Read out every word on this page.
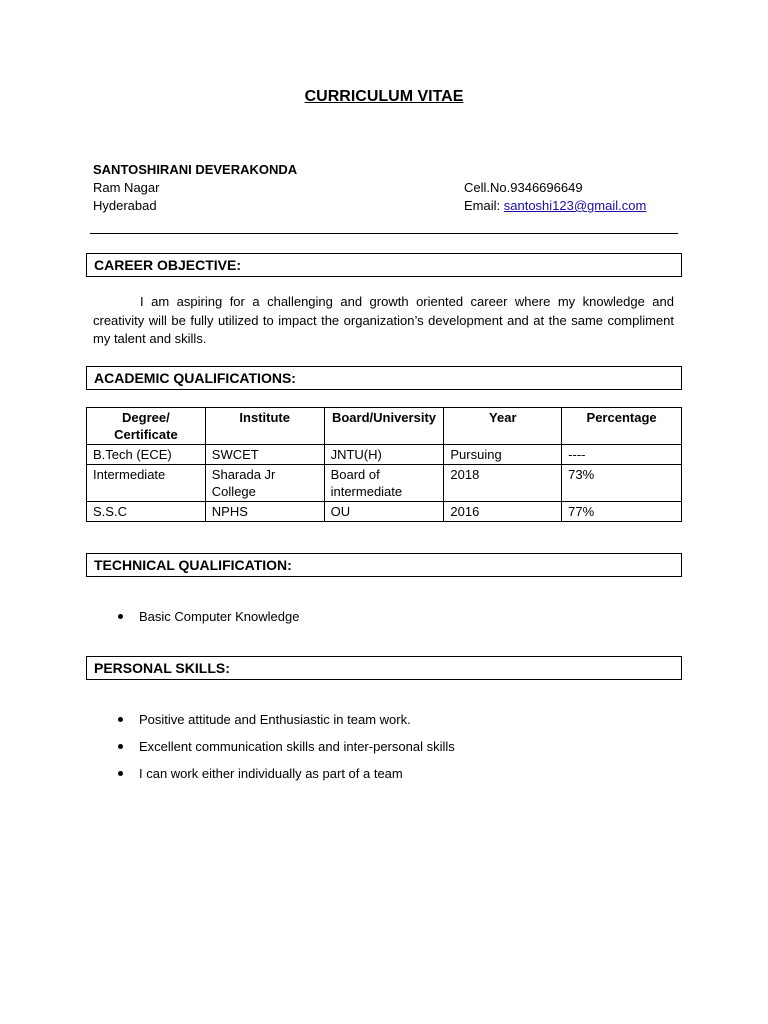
CURRICULUM VITAE
SANTOSHIRANI DEVERAKONDA
Ram Nagar
Hyderabad
Cell.No.9346696649
Email: santoshi123@gmail.com
CAREER OBJECTIVE:
I am aspiring for a challenging and growth oriented career where my knowledge and creativity will be fully utilized to impact the organization’s development and at the same compliment my talent and skills.
ACADEMIC QUALIFICATIONS:
Degree/ Certificate	Institute	Board/University	Year	Percentage
B.Tech (ECE)	SWCET	JNTU(H)	Pursuing	----
Intermediate	Sharada Jr College	Board of intermediate	2018	73%
S.S.C	NPHS	OU	2016	77%
TECHNICAL QUALIFICATION:
Basic Computer Knowledge
PERSONAL SKILLS:
Positive attitude and Enthusiastic in team work.
Excellent communication skills and inter-personal skills
I can work either individually as part of a team
